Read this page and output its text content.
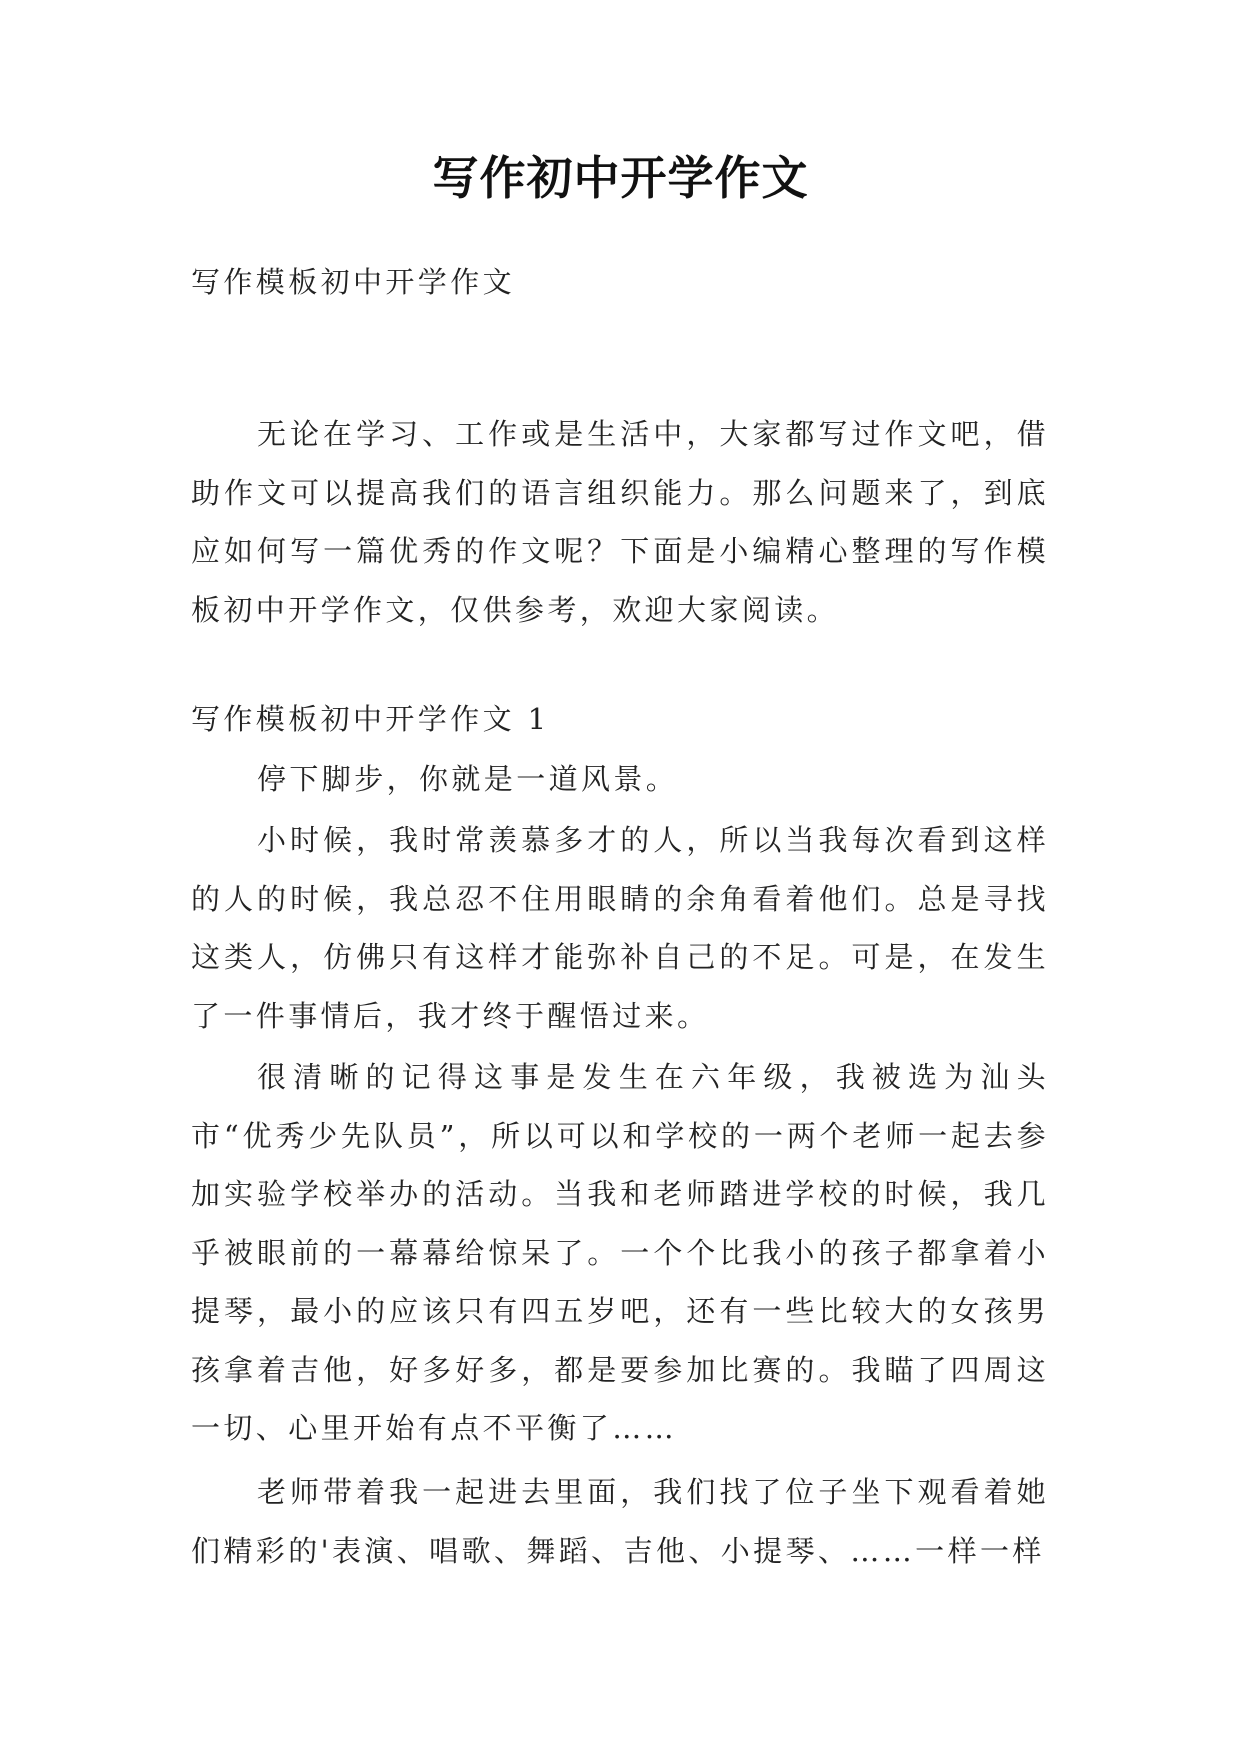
写作初中开学作文

写作模板初中开学作文

无论在学习、工作或是生活中，大家都写过作文吧，借助作文可以提高我们的语言组织能力。那么问题来了，到底应如何写一篇优秀的作文呢？下面是小编精心整理的写作模板初中开学作文，仅供参考，欢迎大家阅读。

写作模板初中开学作文 1

停下脚步，你就是一道风景。

小时候，我时常羡慕多才的人，所以当我每次看到这样的人的时候，我总忍不住用眼睛的余角看着他们。总是寻找这类人，仿佛只有这样才能弥补自己的不足。可是，在发生了一件事情后，我才终于醒悟过来。

很清晰的记得这事是发生在六年级，我被选为汕头市“优秀少先队员”，所以可以和学校的一两个老师一起去参加实验学校举办的活动。当我和老师踏进学校的时候，我几乎被眼前的一幕幕给惊呆了。一个个比我小的孩子都拿着小提琴，最小的应该只有四五岁吧，还有一些比较大的女孩男孩拿着吉他，好多好多，都是要参加比赛的。我瞄了四周这一切、心里开始有点不平衡了……

老师带着我一起进去里面，我们找了位子坐下观看着她们精彩的'表演、唱歌、舞蹈、吉他、小提琴、……一样一样
